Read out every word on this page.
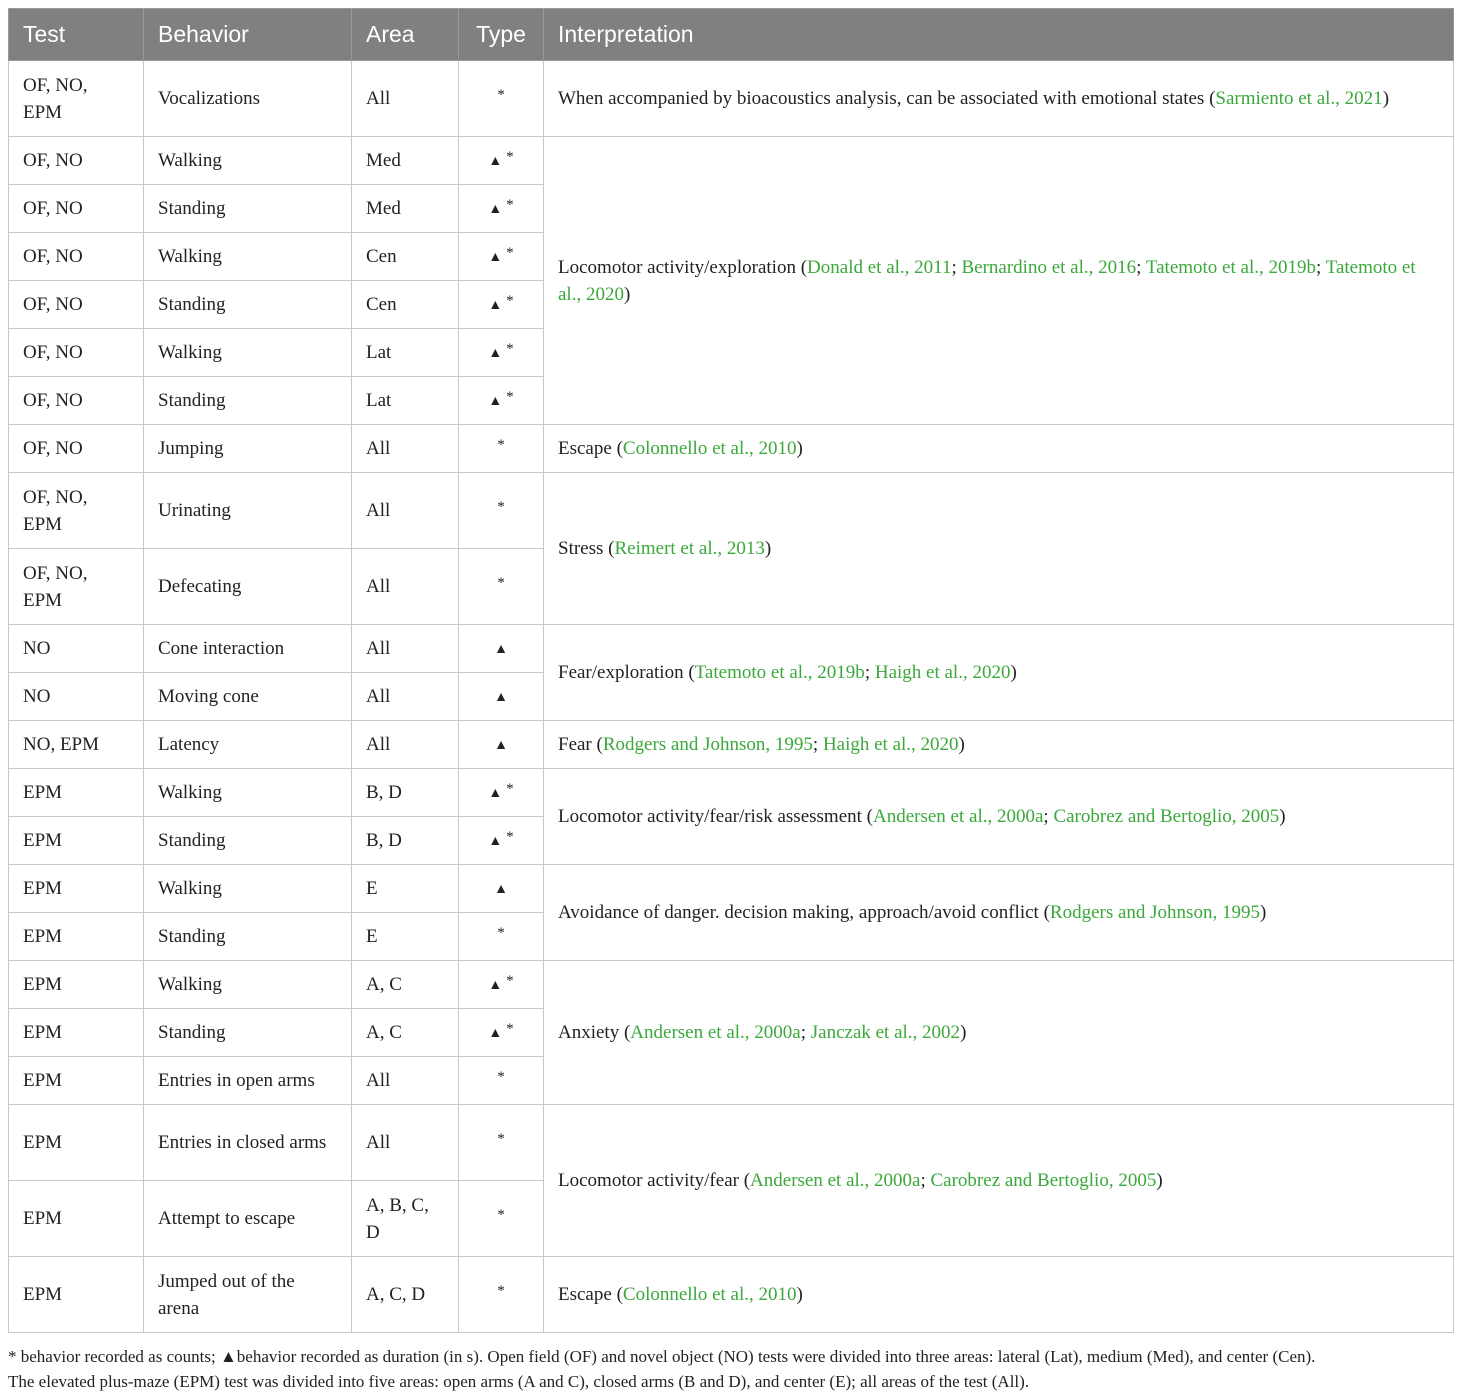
Test	Behavior	Area	Type	Interpretation
OF, NO, EPM	Vocalizations	All	*	When accompanied by bioacoustics analysis, can be associated with emotional states (Sarmiento et al., 2021)
OF, NO	Walking	Med	▲ *	Locomotor activity/exploration (Donald et al., 2011; Bernardino et al., 2016; Tatemoto et al., 2019b; Tatemoto et al., 2020)
OF, NO	Standing	Med	▲ *
OF, NO	Walking	Cen	▲ *
OF, NO	Standing	Cen	▲ *
OF, NO	Walking	Lat	▲ *
OF, NO	Standing	Lat	▲ *
OF, NO	Jumping	All	*	Escape (Colonnello et al., 2010)
OF, NO, EPM	Urinating	All	*	Stress (Reimert et al., 2013)
OF, NO, EPM	Defecating	All	*
NO	Cone interaction	All	▲	Fear/exploration (Tatemoto et al., 2019b; Haigh et al., 2020)
NO	Moving cone	All	▲	
NO, EPM	Latency	All	▲	Fear (Rodgers and Johnson, 1995; Haigh et al., 2020)
EPM	Walking	B, D	▲ *	Locomotor activity/fear/risk assessment (Andersen et al., 2000a; Carobrez and Bertoglio, 2005)
EPM	Standing	B, D	▲ *
EPM	Walking	E	▲	Avoidance of danger. decision making, approach/avoid conflict (Rodgers and Johnson, 1995)
EPM	Standing	E	*
EPM	Walking	A, C	▲ *	Anxiety (Andersen et al., 2000a; Janczak et al., 2002)
EPM	Standing	A, C	▲ *
EPM	Entries in open arms	All	*
EPM	Entries in closed arms	All	*	Locomotor activity/fear (Andersen et al., 2000a; Carobrez and Bertoglio, 2005)
EPM	Attempt to escape	A, B, C, D	*
EPM	Jumped out of the arena	A, C, D	*	Escape (Colonnello et al., 2010)
* behavior recorded as counts; ▲behavior recorded as duration (in s). Open field (OF) and novel object (NO) tests were divided into three areas: lateral (Lat), medium (Med), and center (Cen).
The elevated plus-maze (EPM) test was divided into five areas: open arms (A and C), closed arms (B and D), and center (E); all areas of the test (All).
